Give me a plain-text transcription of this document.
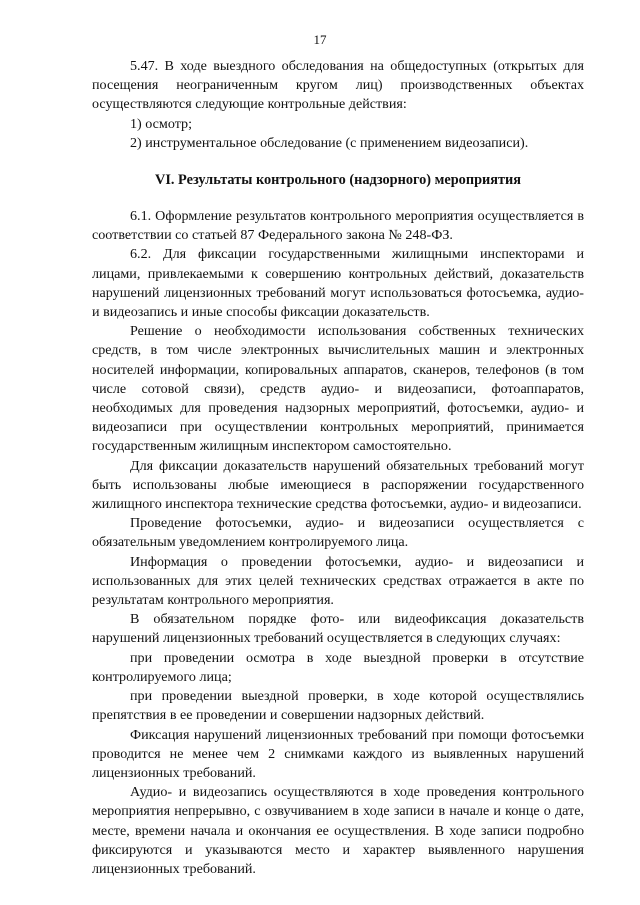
17

5.47. В ходе выездного обследования на общедоступных (открытых для посещения неограниченным кругом лиц) производственных объектах осуществляются следующие контрольные действия:

1) осмотр;

2) инструментальное обследование (с применением видеозаписи).

VI. Результаты контрольного (надзорного) мероприятия

6.1. Оформление результатов контрольного мероприятия осуществляется в соответствии со статьей 87 Федерального закона № 248-ФЗ.

6.2. Для фиксации государственными жилищными инспекторами и лицами, привлекаемыми к совершению контрольных действий, доказательств нарушений лицензионных требований могут использоваться фотосъемка, аудио- и видеозапись и иные способы фиксации доказательств.

Решение о необходимости использования собственных технических средств, в том числе электронных вычислительных машин и электронных носителей информации, копировальных аппаратов, сканеров, телефонов (в том числе сотовой связи), средств аудио- и видеозаписи, фотоаппаратов, необходимых для проведения надзорных мероприятий, фотосъемки, аудио- и видеозаписи при осуществлении контрольных мероприятий, принимается государственным жилищным инспектором самостоятельно.

Для фиксации доказательств нарушений обязательных требований могут быть использованы любые имеющиеся в распоряжении государственного жилищного инспектора технические средства фотосъемки, аудио- и видеозаписи.

Проведение фотосъемки, аудио- и видеозаписи осуществляется с обязательным уведомлением контролируемого лица.

Информация о проведении фотосъемки, аудио- и видеозаписи и использованных для этих целей технических средствах отражается в акте по результатам контрольного мероприятия.

В обязательном порядке фото- или видеофиксация доказательств нарушений лицензионных требований осуществляется в следующих случаях:

при проведении осмотра в ходе выездной проверки в отсутствие контролируемого лица;

при проведении выездной проверки, в ходе которой осуществлялись препятствия в ее проведении и совершении надзорных действий.

Фиксация нарушений лицензионных требований при помощи фотосъемки проводится не менее чем 2 снимками каждого из выявленных нарушений лицензионных требований.

Аудио- и видеозапись осуществляются в ходе проведения контрольного мероприятия непрерывно, с озвучиванием в ходе записи в начале и конце о дате, месте, времени начала и окончания ее осуществления. В ходе записи подробно фиксируются и указываются место и характер выявленного нарушения лицензионных требований.
